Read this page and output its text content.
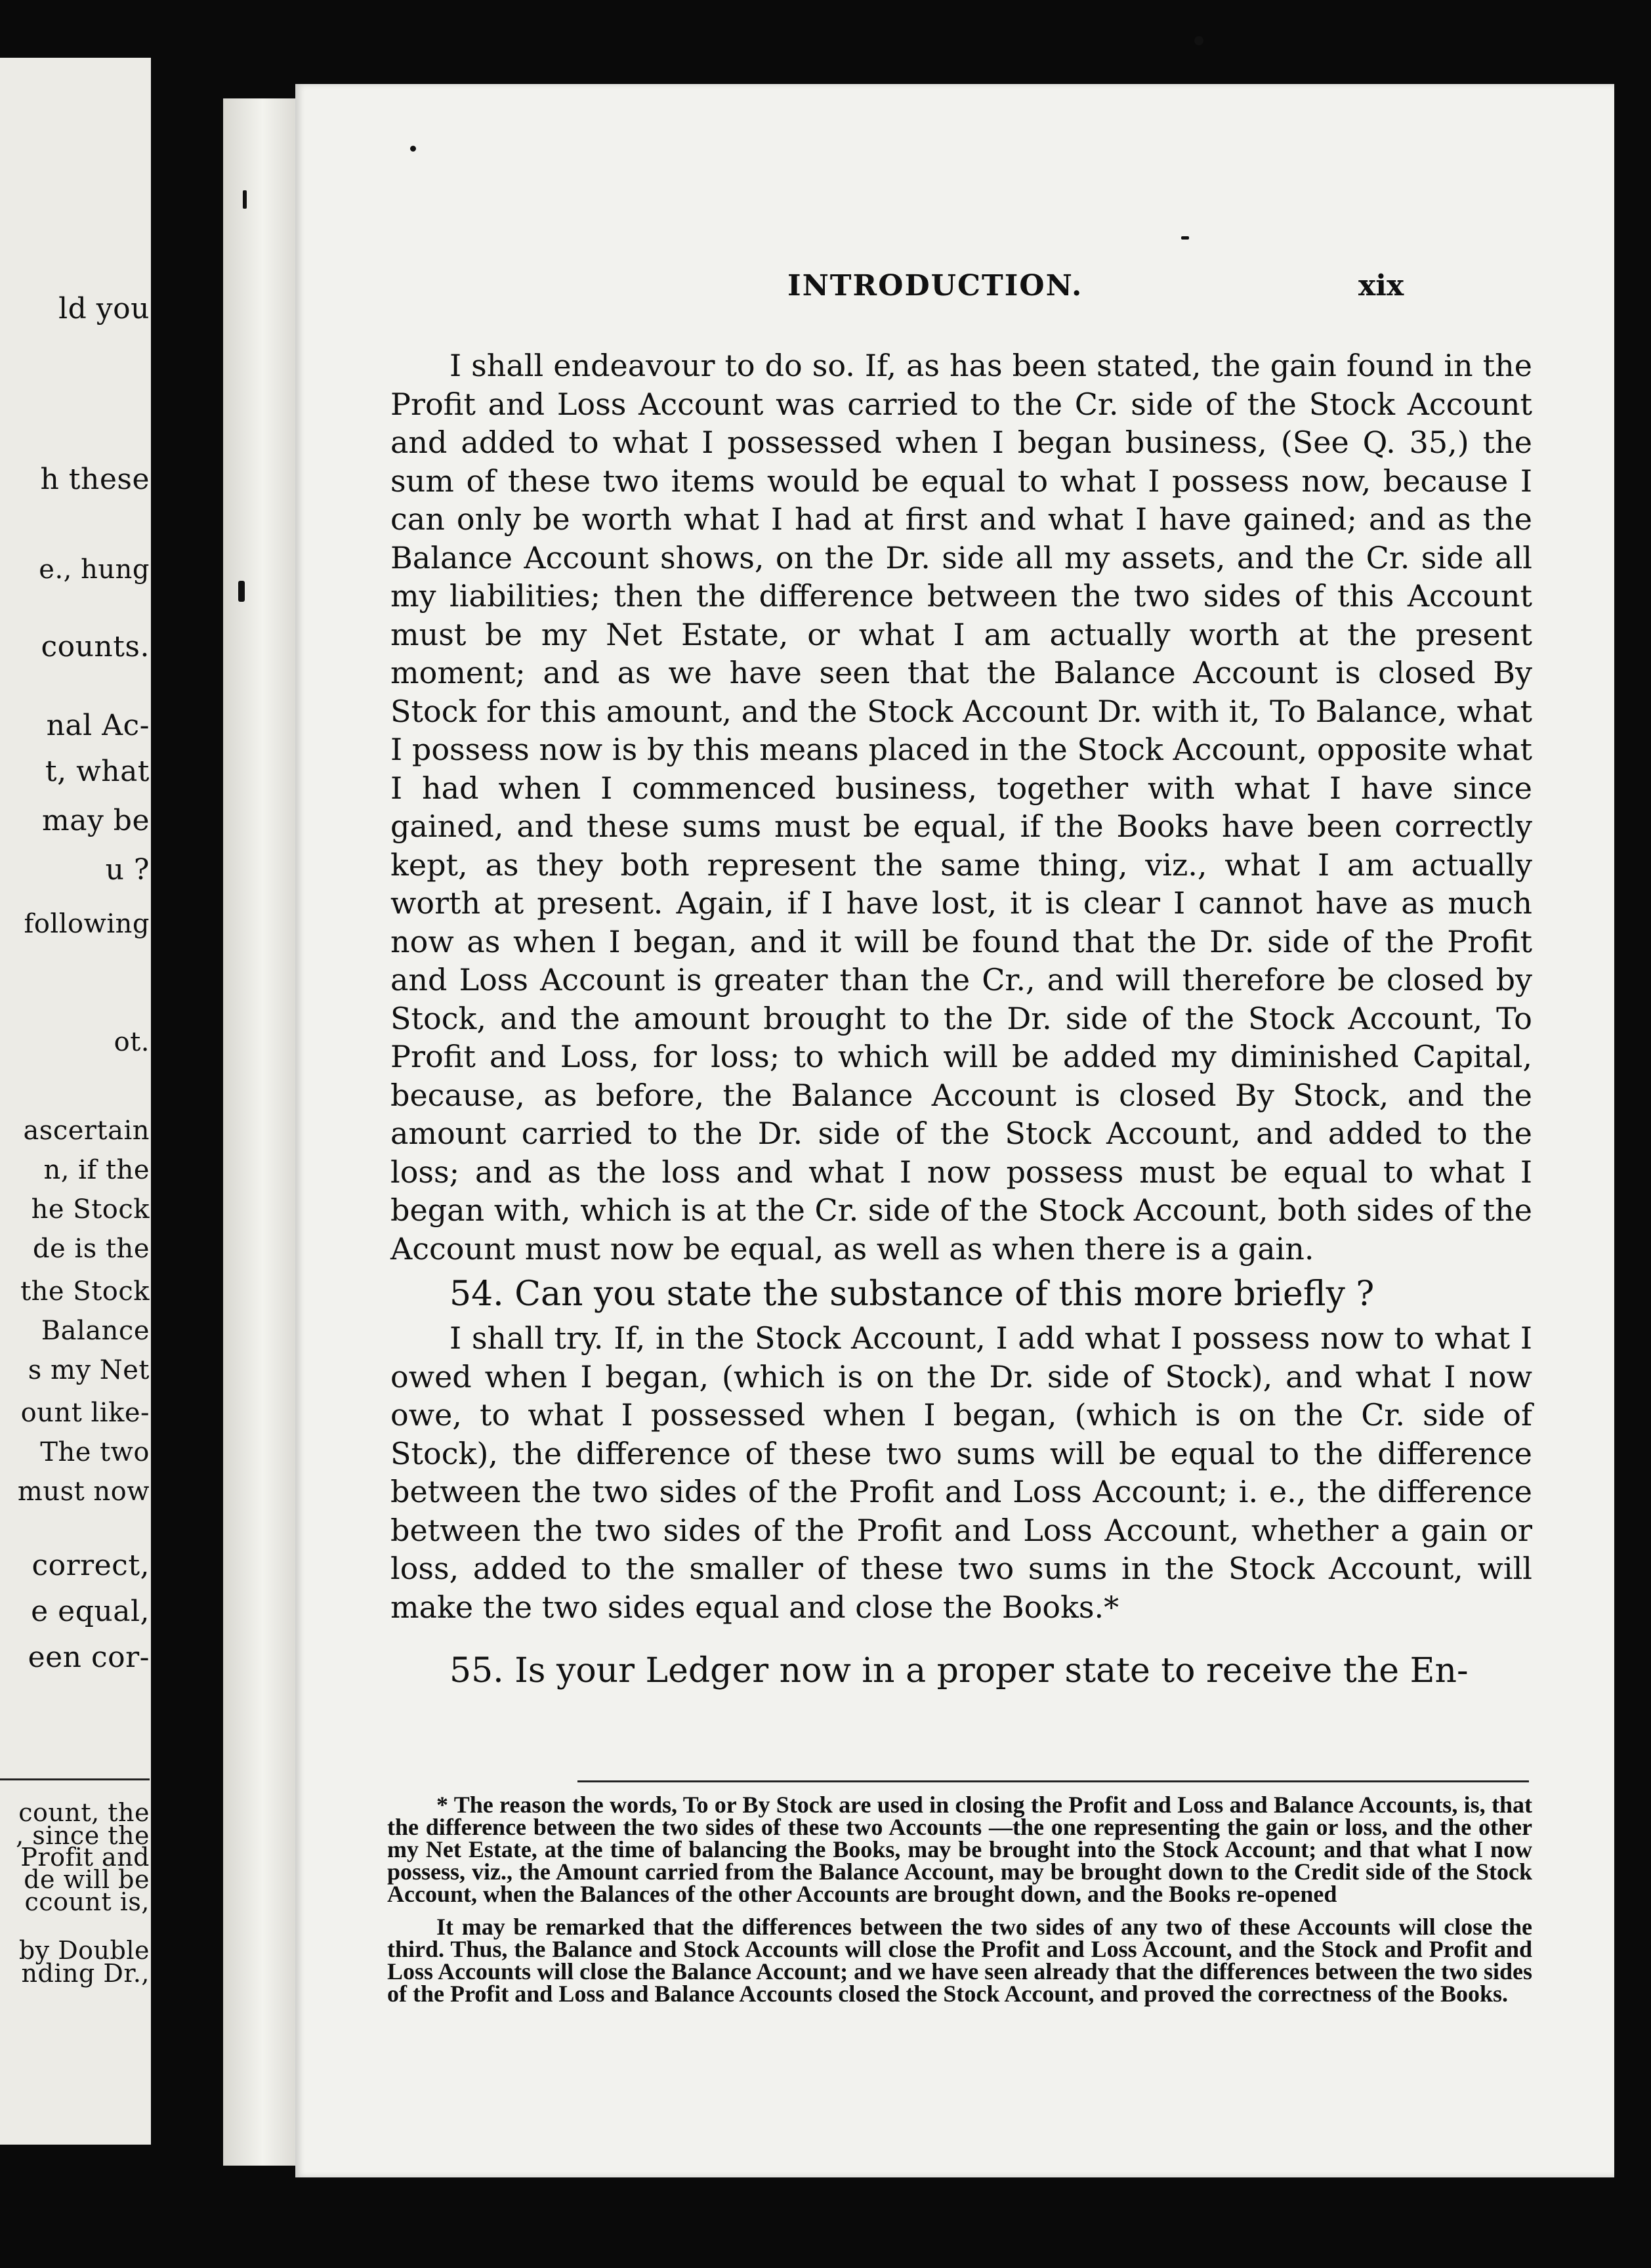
ld you
h these
e., hung
counts.
nal Ac-
t, what
may be
u ?
following
ot.
ascertain
n, if the
he Stock
de is the
the Stock
Balance
s my Net
ount like-
The two
must now
correct,
e equal,
een cor-
count, the
, since the
Profit and
de will be
ccount is,
by Double
nding Dr.,
INTRODUCTION.	xix

I shall endeavour to do so. If, as has been stated, the gain found in the Profit and Loss Account was carried to the Cr. side of the Stock Account and added to what I possessed when I began business, (See Q. 35,) the sum of these two items would be equal to what I possess now, because I can only be worth what I had at first and what I have gained; and as the Balance Account shows, on the Dr. side all my assets, and the Cr. side all my liabilities; then the difference between the two sides of this Account must be my Net Estate, or what I am actually worth at the present moment; and as we have seen that the Balance Account is closed By Stock for this amount, and the Stock Account Dr. with it, To Balance, what I possess now is by this means placed in the Stock Account, opposite what I had when I commenced business, together with what I have since gained, and these sums must be equal, if the Books have been correctly kept, as they both represent the same thing, viz., what I am actually worth at present. Again, if I have lost, it is clear I cannot have as much now as when I began, and it will be found that the Dr. side of the Profit and Loss Account is greater than the Cr., and will therefore be closed by Stock, and the amount brought to the Dr. side of the Stock Account, To Profit and Loss, for loss; to which will be added my diminished Capital, because, as before, the Balance Account is closed By Stock, and the amount carried to the Dr. side of the Stock Account, and added to the loss; and as the loss and what I now possess must be equal to what I began with, which is at the Cr. side of the Stock Account, both sides of the Account must now be equal, as well as when there is a gain.

54. Can you state the substance of this more briefly ?

I shall try. If, in the Stock Account, I add what I possess now to what I owed when I began, (which is on the Dr. side of Stock), and what I now owe, to what I possessed when I began, (which is on the Cr. side of Stock), the difference of these two sums will be equal to the difference between the two sides of the Profit and Loss Account; i. e., the difference between the two sides of the Profit and Loss Account, whether a gain or loss, added to the smaller of these two sums in the Stock Account, will make the two sides equal and close the Books.*

55. Is your Ledger now in a proper state to receive the En-

* The reason the words, To or By Stock are used in closing the Profit and Loss and Balance Accounts, is, that the difference between the two sides of these two Accounts —the one representing the gain or loss, and the other my Net Estate, at the time of balancing the Books, may be brought into the Stock Account; and that what I now possess, viz., the Amount carried from the Balance Account, may be brought down to the Credit side of the Stock Account, when the Balances of the other Accounts are brought down, and the Books re-opened

It may be remarked that the differences between the two sides of any two of these Accounts will close the third. Thus, the Balance and Stock Accounts will close the Profit and Loss Account, and the Stock and Profit and Loss Accounts will close the Balance Account; and we have seen already that the differences between the two sides of the Profit and Loss and Balance Accounts closed the Stock Account, and proved the correctness of the Books.
